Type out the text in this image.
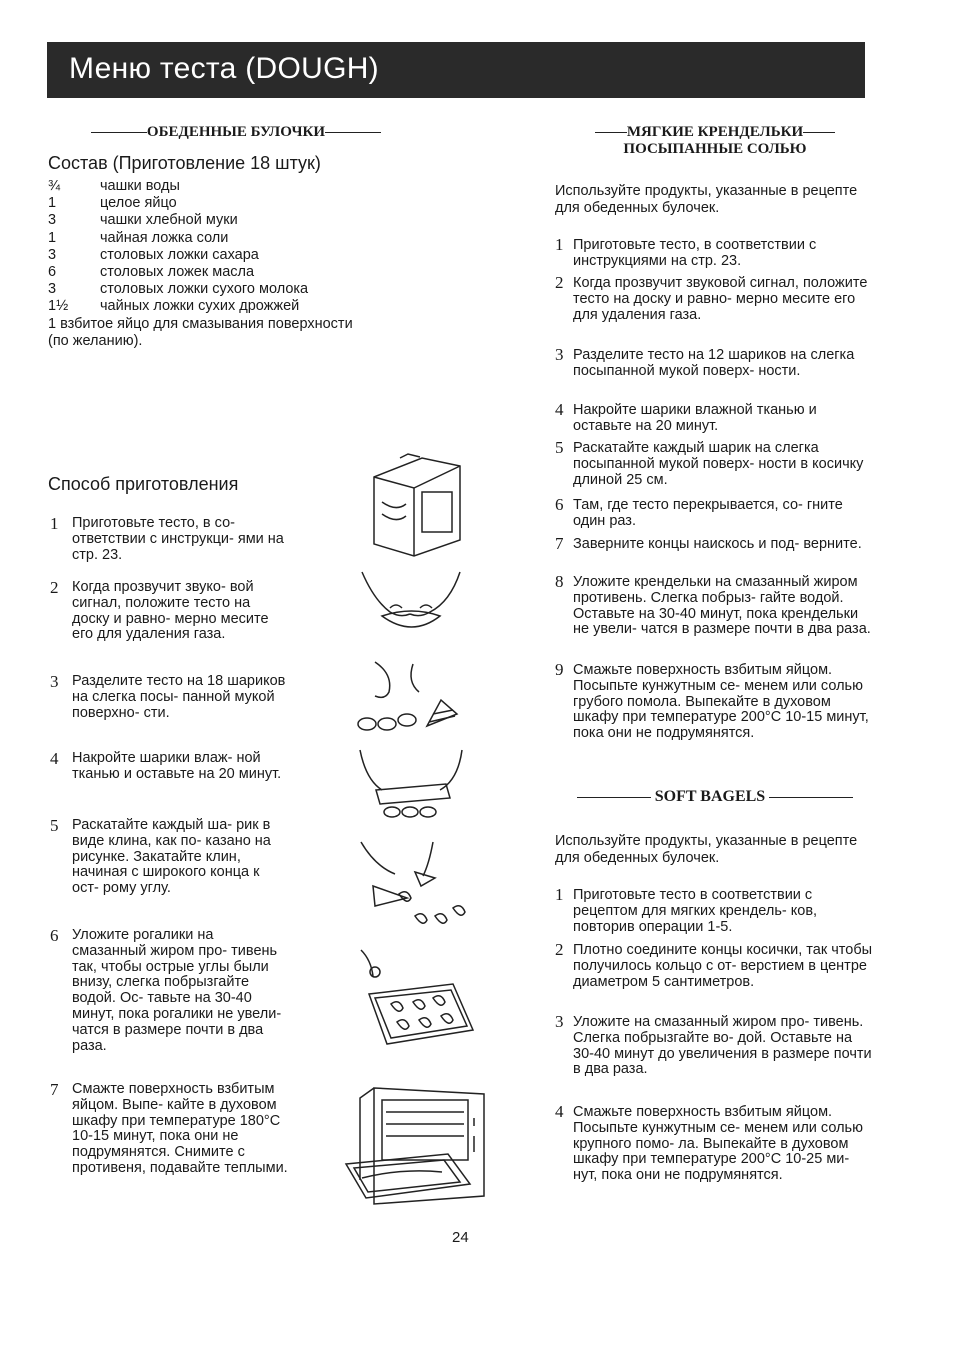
Меню теста (DOUGH)
ОБЕДЕННЫЕ БУЛОЧКИ
Состав (Приготовление 18 штук)
¾	чашки воды
1	целое яйцо
3	чашки хлебной муки
1	чайная ложка соли
3	столовых ложки сахара
6	столовых ложек масла
3	столовых ложки сухого молока
1½	чайных ложки сухих дрожжей
1 взбитое яйцо для смазывания поверхности
(по желанию).
Способ приготовления
1 Приготовьте тесто, в со- ответствии с инструкци- ями на стр. 23.
2 Когда прозвучит звуко- вой сигнал, положите тесто на доску и равно- мерно месите его для удаления газа.
3 Разделите тесто на 18 шариков на слегка посы- панной мукой поверхно- сти.
4 Накройте шарики влаж- ной тканью и оставьте на 20 минут.
5 Раскатайте каждый ша- рик в виде клина, как по- казано на рисунке. Закатайте клин, начиная с широкого конца к ост- рому углу.
6 Уложите рогалики на смазанный жиром про- тивень так, чтобы острые углы были внизу, слегка побрызгайте водой. Ос- тавьте на 30-40 минут, пока рогалики не увели- чатся в размере почти в два раза.
7 Смажте поверхность взбитым яйцом. Выпе- кайте в духовом шкафу при температуре 180°С 10-15 минут, пока они не подрумянятся. Снимите с противеня, подавайте теплыми.
МЯГКИЕ КРЕНДЕЛЬКИ
ПОСЫПАННЫЕ СОЛЬЮ
Используйте продукты, указанные в рецепте для обеденных булочек.
1 Приготовьте тесто, в соответствии с инструкциями на стр. 23.
2 Когда прозвучит звуковой сигнал, положите тесто на доску и равно- мерно месите его для удаления газа.
3 Разделите тесто на 12 шариков на слегка посыпанной мукой поверх- ности.
4 Накройте шарики влажной тканью и оставьте на 20 минут.
5 Раскатайте каждый шарик на слегка посыпанной мукой поверх- ности в косичку длиной 25 см.
6 Там, где тесто перекрывается, со- гните один раз.
7 Заверните концы наискось и под- верните.
8 Уложите крендельки на смазанный жиром противень. Слегка побрыз- гайте водой. Оставьте на 30-40 минут, пока крендельки не увели- чатся в размере почти в два раза.
9 Смажьте поверхность взбитым яйцом. Посыпьте кунжутным се- менем или солью грубого помола. Выпекайте в духовом шкафу при температуре 200°С 10-15 минут, пока они не подрумянятся.
SOFT BAGELS
Используйте продукты, указанные в рецепте для обеденных булочек.
1 Приготовьте тесто в соответствии с рецептом для мягких крендель- ков, повторив операции 1-5.
2 Плотно соедините концы косички, так чтобы получилось кольцо с от- верстием в центре диаметром 5 сантиметров.
3 Уложите на смазанный жиром про- тивень. Слегка побрызгайте во- дой. Оставьте на 30-40 минут до увеличения в размере почти в два раза.
4 Смажьте поверхность взбитым яйцом. Посыпьте кунжутным се- менем или солью крупного помо- ла. Выпекайте в духовом шкафу при температуре 200°С 10-25 ми- нут, пока они не подрумянятся.
24
